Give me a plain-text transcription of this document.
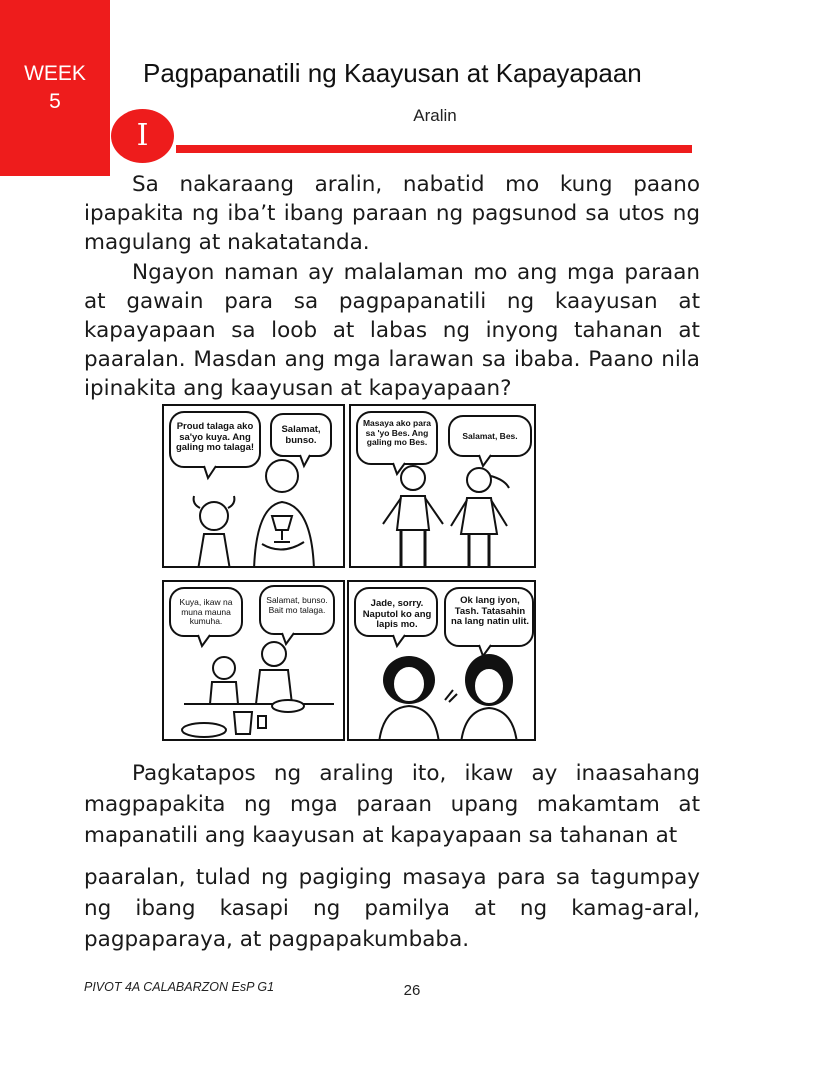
WEEK
5
Pagpapanatili ng Kaayusan at Kapayapaan
Aralin
I
Sa nakaraang aralin, nabatid mo kung paano ipapakita ng iba’t ibang paraan ng pagsunod sa utos ng magulang at nakatatanda.
Ngayon naman ay malalaman mo ang mga paraan at gawain para sa pagpapanatili ng kaayusan at kapayapaan sa loob at labas ng inyong tahanan at paaralan. Masdan ang mga larawan sa ibaba. Paano nila ipinakita ang kaayusan at kapayapaan?
Proud talaga ako sa'yo kuya. Ang galing mo talaga!
Salamat, bunso.
Masaya ako para sa 'yo Bes. Ang galing mo Bes.
Salamat, Bes.
Kuya, ikaw na muna mauna kumuha.
Salamat, bunso. Bait mo talaga.
Jade, sorry. Naputol ko ang lapis mo.
Ok lang iyon, Tash. Tatasahin na lang natin ulit.
Pagkatapos ng araling ito, ikaw ay inaasahang magpapakita ng mga paraan upang makamtam at mapanatili ang kaayusan at kapayapaan sa tahanan at
paaralan, tulad ng pagiging masaya para sa tagumpay ng ibang kasapi ng pamilya at ng kamag-aral, pagpaparaya, at pagpapakumbaba.
PIVOT 4A CALABARZON EsP G1	26
